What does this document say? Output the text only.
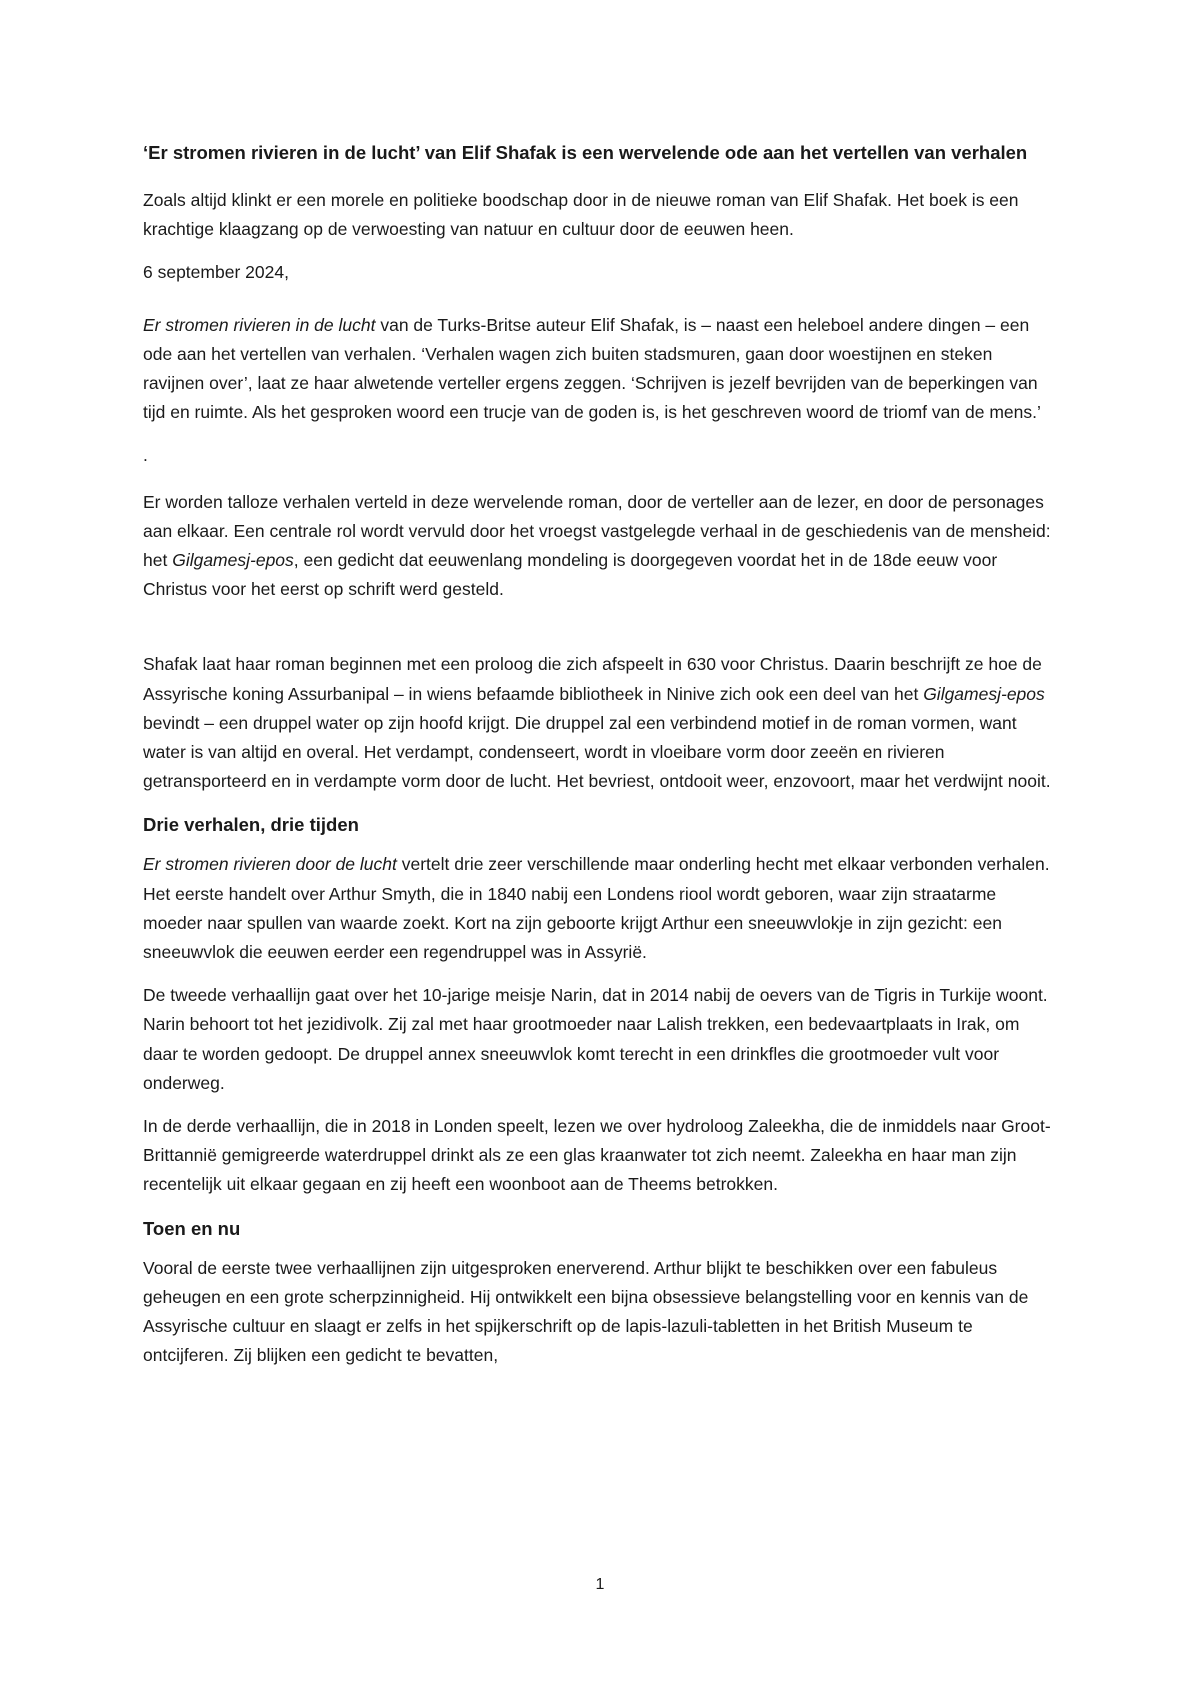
‘Er stromen rivieren in de lucht’ van Elif Shafak is een wervelende ode aan het vertellen van verhalen

Zoals altijd klinkt er een morele en politieke boodschap door in de nieuwe roman van Elif Shafak. Het boek is een krachtige klaagzang op de verwoesting van natuur en cultuur door de eeuwen heen.

6 september 2024,

Er stromen rivieren in de lucht van de Turks-Britse auteur Elif Shafak, is – naast een heleboel andere dingen – een ode aan het vertellen van verhalen. ‘Verhalen wagen zich buiten stadsmuren, gaan door woestijnen en steken ravijnen over’, laat ze haar alwetende verteller ergens zeggen. ‘Schrijven is jezelf bevrijden van de beperkingen van tijd en ruimte. Als het gesproken woord een trucje van de goden is, is het geschreven woord de triomf van de mens.’

.

Er worden talloze verhalen verteld in deze wervelende roman, door de verteller aan de lezer, en door de personages aan elkaar. Een centrale rol wordt vervuld door het vroegst vastgelegde verhaal in de geschiedenis van de mensheid: het Gilgamesj-epos, een gedicht dat eeuwenlang mondeling is doorgegeven voordat het in de 18de eeuw voor Christus voor het eerst op schrift werd gesteld.

Shafak laat haar roman beginnen met een proloog die zich afspeelt in 630 voor Christus. Daarin beschrijft ze hoe de Assyrische koning Assurbanipal – in wiens befaamde bibliotheek in Ninive zich ook een deel van het Gilgamesj-epos bevindt – een druppel water op zijn hoofd krijgt. Die druppel zal een verbindend motief in de roman vormen, want water is van altijd en overal. Het verdampt, condenseert, wordt in vloeibare vorm door zeeën en rivieren getransporteerd en in verdampte vorm door de lucht. Het bevriest, ontdooit weer, enzovoort, maar het verdwijnt nooit.

Drie verhalen, drie tijden

Er stromen rivieren door de lucht vertelt drie zeer verschillende maar onderling hecht met elkaar verbonden verhalen. Het eerste handelt over Arthur Smyth, die in 1840 nabij een Londens riool wordt geboren, waar zijn straatarme moeder naar spullen van waarde zoekt. Kort na zijn geboorte krijgt Arthur een sneeuwvlokje in zijn gezicht: een sneeuwvlok die eeuwen eerder een regendruppel was in Assyrië.

De tweede verhaallijn gaat over het 10-jarige meisje Narin, dat in 2014 nabij de oevers van de Tigris in Turkije woont. Narin behoort tot het jezidivolk. Zij zal met haar grootmoeder naar Lalish trekken, een bedevaartplaats in Irak, om daar te worden gedoopt. De druppel annex sneeuwvlok komt terecht in een drinkfles die grootmoeder vult voor onderweg.

In de derde verhaallijn, die in 2018 in Londen speelt, lezen we over hydroloog Zaleekha, die de inmiddels naar Groot-Brittannië gemigreerde waterdruppel drinkt als ze een glas kraanwater tot zich neemt. Zaleekha en haar man zijn recentelijk uit elkaar gegaan en zij heeft een woonboot aan de Theems betrokken.

Toen en nu

Vooral de eerste twee verhaallijnen zijn uitgesproken enerverend. Arthur blijkt te beschikken over een fabuleus geheugen en een grote scherpzinnigheid. Hij ontwikkelt een bijna obsessieve belangstelling voor en kennis van de Assyrische cultuur en slaagt er zelfs in het spijkerschrift op de lapis-lazuli-tabletten in het British Museum te ontcijferen. Zij blijken een gedicht te bevatten,

1
